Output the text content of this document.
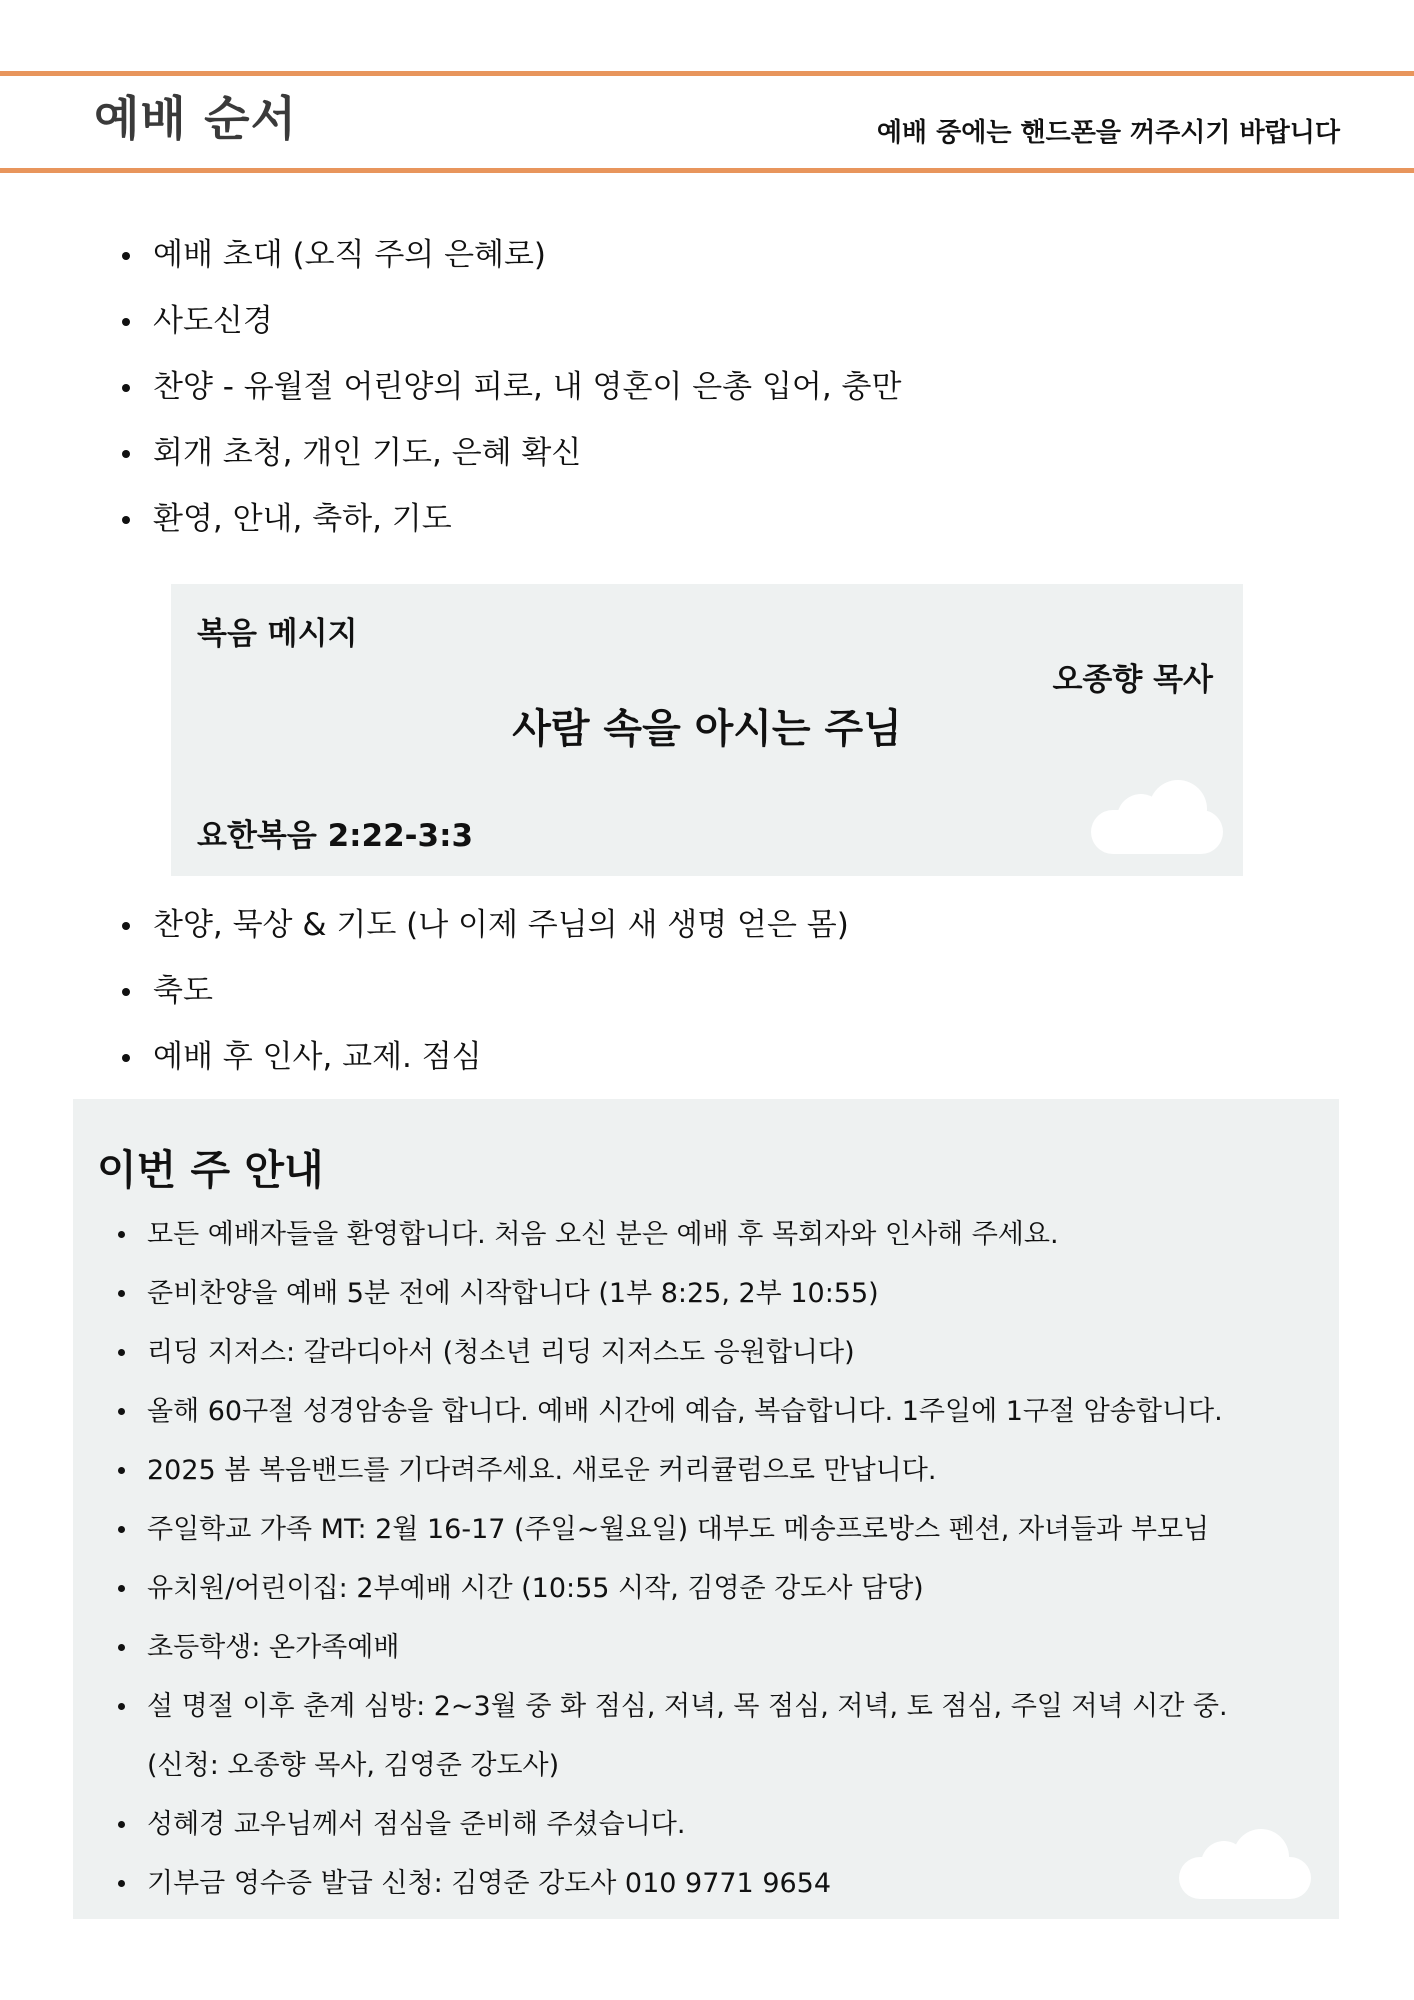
예배 순서	예배 중에는 핸드폰을 꺼주시기 바랍니다
예배 초대 (오직 주의 은혜로)
사도신경
찬양 - 유월절 어린양의 피로, 내 영혼이 은총 입어, 충만
회개 초청, 개인 기도, 은혜 확신
환영, 안내, 축하, 기도
복음 메시지
오종향 목사
사람 속을 아시는 주님
요한복음 2:22-3:3
찬양, 묵상 & 기도 (나 이제 주님의 새 생명 얻은 몸)
축도
예배 후 인사, 교제. 점심
이번 주 안내
모든 예배자들을 환영합니다. 처음 오신 분은 예배 후 목회자와 인사해 주세요.
준비찬양을 예배 5분 전에 시작합니다 (1부 8:25, 2부 10:55)
리딩 지저스: 갈라디아서 (청소년 리딩 지저스도 응원합니다)
올해 60구절 성경암송을 합니다. 예배 시간에 예습, 복습합니다. 1주일에 1구절 암송합니다.
2025 봄 복음밴드를 기다려주세요. 새로운 커리큘럼으로 만납니다.
주일학교 가족 MT: 2월 16-17 (주일~월요일) 대부도 메송프로방스 펜션, 자녀들과 부모님
유치원/어린이집: 2부예배 시간 (10:55 시작, 김영준 강도사 담당)
초등학생: 온가족예배
설 명절 이후 춘계 심방: 2~3월 중 화 점심, 저녁, 목 점심, 저녁, 토 점심, 주일 저녁 시간 중.
(신청: 오종향 목사, 김영준 강도사)
성혜경 교우님께서 점심을 준비해 주셨습니다.
기부금 영수증 발급 신청: 김영준 강도사 010 9771 9654
